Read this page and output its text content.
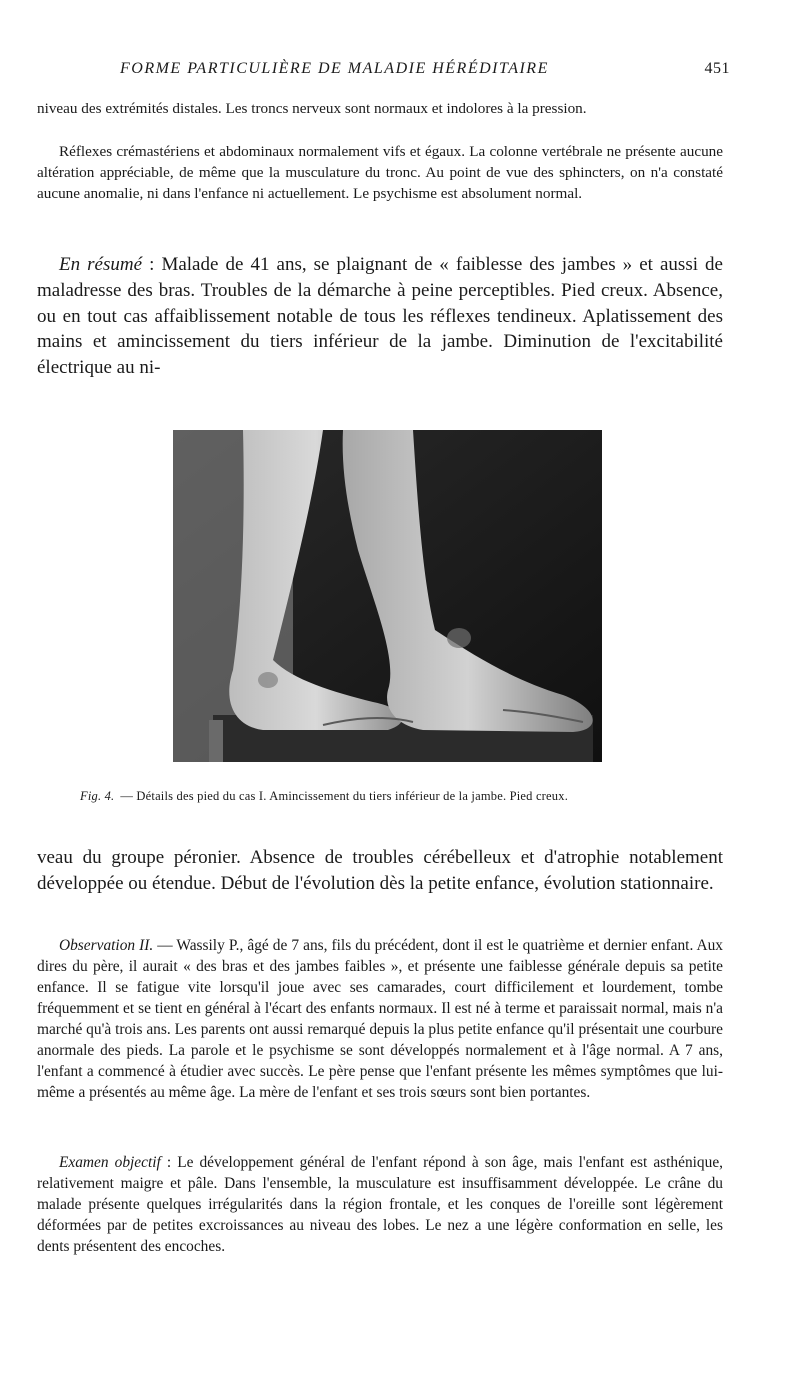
FORME PARTICULIÈRE DE MALADIE HÉRÉDITAIRE	451

niveau des extrémités distales. Les troncs nerveux sont normaux et indolores à la pression.

Réflexes crémastériens et abdominaux normalement vifs et égaux. La colonne vertébrale ne présente aucune altération appréciable, de même que la musculature du tronc. Au point de vue des sphincters, on n'a constaté aucune anomalie, ni dans l'enfance ni actuellement. Le psychisme est absolument normal.

En résumé : Malade de 41 ans, se plaignant de « faiblesse des jambes » et aussi de maladresse des bras. Troubles de la démarche à peine perceptibles. Pied creux. Absence, ou en tout cas affaiblissement notable de tous les réflexes tendineux. Aplatissement des mains et amincissement du tiers inférieur de la jambe. Diminution de l'excitabilité électrique au ni-

Fig. 4. — Détails des pied du cas I. Amincissement du tiers inférieur de la jambe. Pied creux.

veau du groupe péronier. Absence de troubles cérébelleux et d'atrophie notablement développée ou étendue. Début de l'évolution dès la petite enfance, évolution stationnaire.

Observation II. — Wassily P., âgé de 7 ans, fils du précédent, dont il est le quatrième et dernier enfant. Aux dires du père, il aurait « des bras et des jambes faibles », et présente une faiblesse générale depuis sa petite enfance. Il se fatigue vite lorsqu'il joue avec ses camarades, court difficilement et lourdement, tombe fréquemment et se tient en général à l'écart des enfants normaux. Il est né à terme et paraissait normal, mais n'a marché qu'à trois ans. Les parents ont aussi remarqué depuis la plus petite enfance qu'il présentait une courbure anormale des pieds. La parole et le psychisme se sont développés normalement et à l'âge normal. A 7 ans, l'enfant a commencé à étudier avec succès. Le père pense que l'enfant présente les mêmes symptômes que lui-même a présentés au même âge. La mère de l'enfant et ses trois sœurs sont bien portantes.

Examen objectif : Le développement général de l'enfant répond à son âge, mais l'enfant est asthénique, relativement maigre et pâle. Dans l'ensemble, la musculature est insuffisamment développée. Le crâne du malade présente quelques irrégularités dans la région frontale, et les conques de l'oreille sont légèrement déformées par de petites excroissances au niveau des lobes. Le nez a une légère conformation en selle, les dents présentent des encoches.
